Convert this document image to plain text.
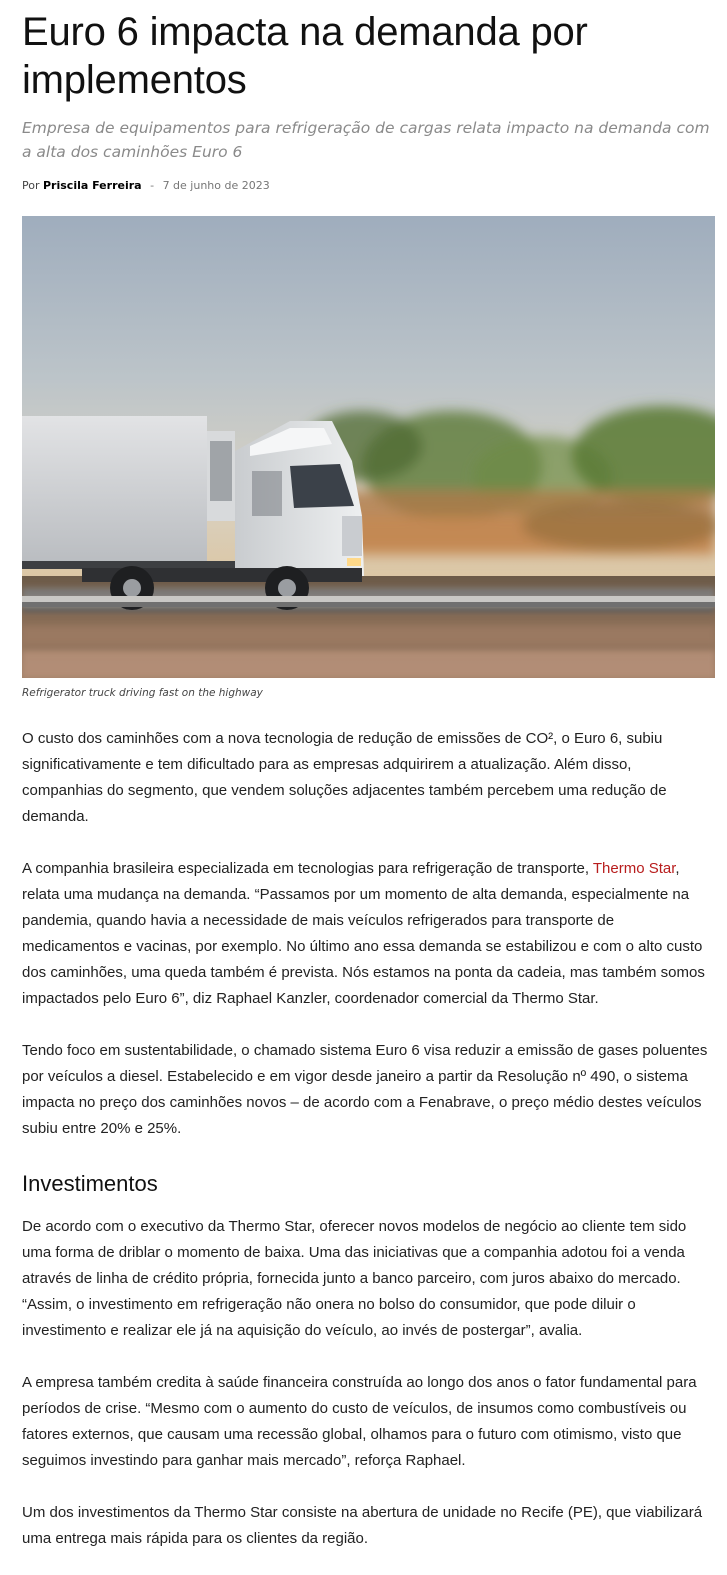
Euro 6 impacta na demanda por implementos

Empresa de equipamentos para refrigeração de cargas relata impacto na demanda com a alta dos caminhões Euro 6

Por Priscila Ferreira - 7 de junho de 2023
Refrigerator truck driving fast on the highway

O custo dos caminhões com a nova tecnologia de redução de emissões de CO², o Euro 6, subiu significativamente e tem dificultado para as empresas adquirirem a atualização. Além disso, companhias do segmento, que vendem soluções adjacentes também percebem uma redução de demanda.

A companhia brasileira especializada em tecnologias para refrigeração de transporte, Thermo Star, relata uma mudança na demanda. “Passamos por um momento de alta demanda, especialmente na pandemia, quando havia a necessidade de mais veículos refrigerados para transporte de medicamentos e vacinas, por exemplo. No último ano essa demanda se estabilizou e com o alto custo dos caminhões, uma queda também é prevista. Nós estamos na ponta da cadeia, mas também somos impactados pelo Euro 6”, diz Raphael Kanzler, coordenador comercial da Thermo Star.

Tendo foco em sustentabilidade, o chamado sistema Euro 6 visa reduzir a emissão de gases poluentes por veículos a diesel. Estabelecido e em vigor desde janeiro a partir da Resolução nº 490, o sistema impacta no preço dos caminhões novos – de acordo com a Fenabrave, o preço médio destes veículos subiu entre 20% e 25%.

Investimentos

De acordo com o executivo da Thermo Star, oferecer novos modelos de negócio ao cliente tem sido uma forma de driblar o momento de baixa. Uma das iniciativas que a companhia adotou foi a venda através de linha de crédito própria, fornecida junto a banco parceiro, com juros abaixo do mercado. “Assim, o investimento em refrigeração não onera no bolso do consumidor, que pode diluir o investimento e realizar ele já na aquisição do veículo, ao invés de postergar”, avalia.

A empresa também credita à saúde financeira construída ao longo dos anos o fator fundamental para períodos de crise. “Mesmo com o aumento do custo de veículos, de insumos como combustíveis ou fatores externos, que causam uma recessão global, olhamos para o futuro com otimismo, visto que seguimos investindo para ganhar mais mercado”, reforça Raphael.

Um dos investimentos da Thermo Star consiste na abertura de unidade no Recife (PE), que viabilizará uma entrega mais rápida para os clientes da região.
